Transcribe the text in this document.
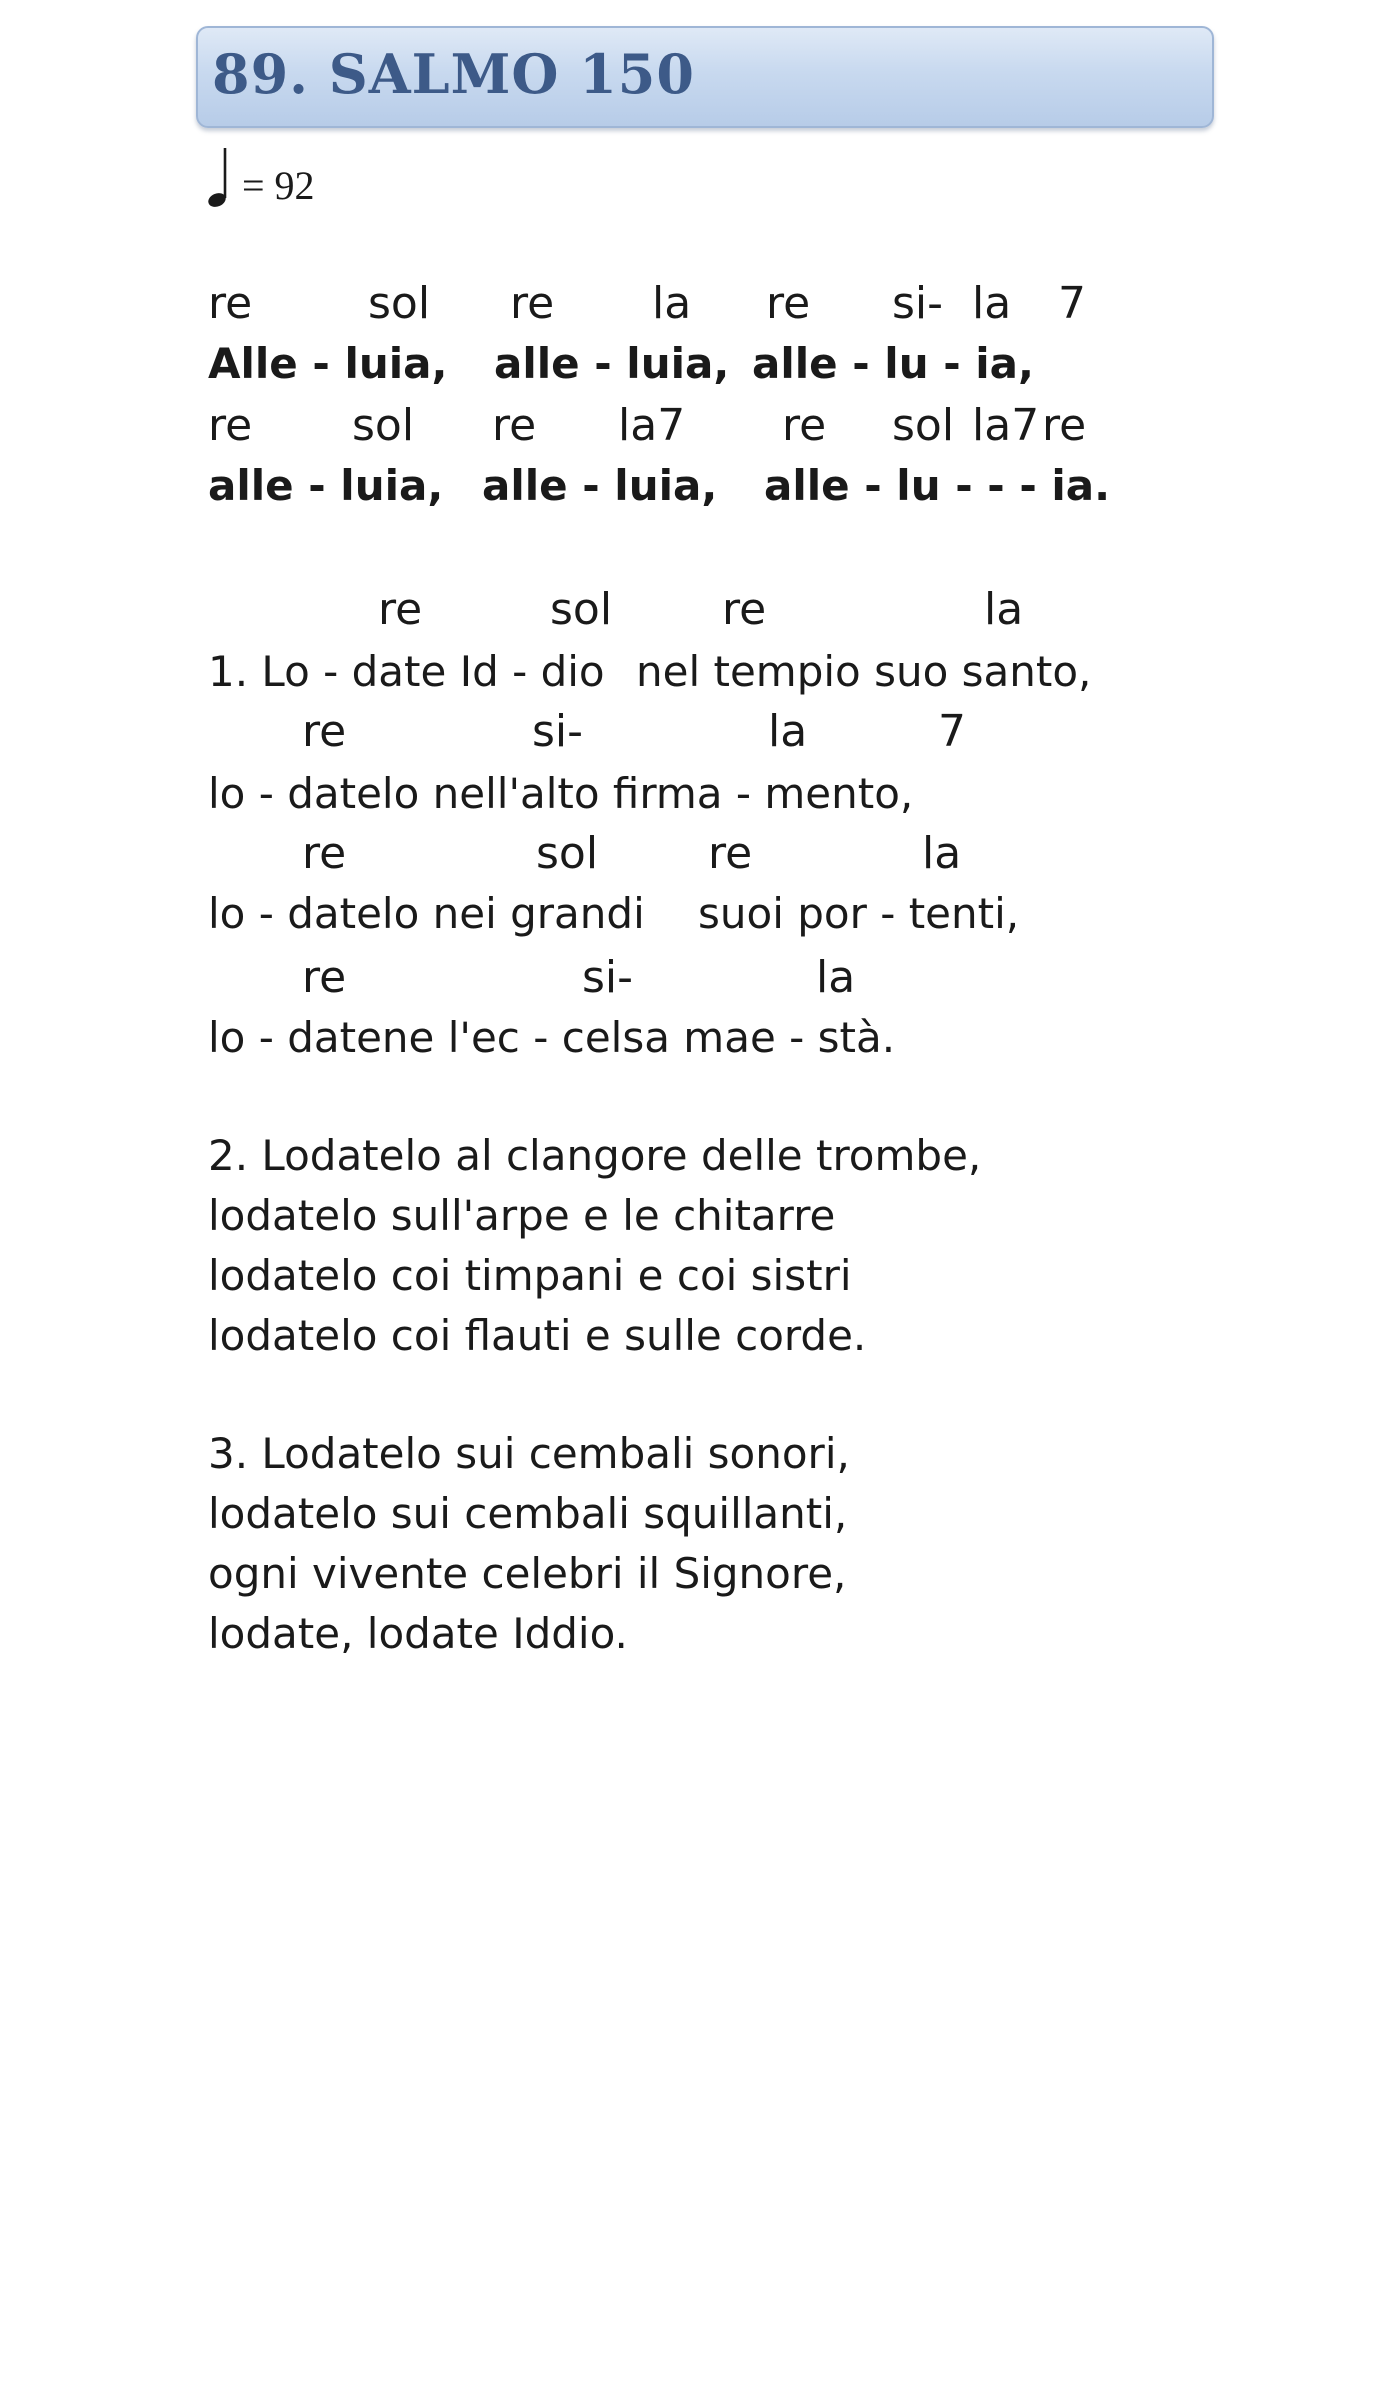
89. SALMO 150
= 92
re	sol re la re si- la 7
Alle - luia, alle - luia, alle - lu - ia,
re sol re la7 re sol la7 re
alle - luia, alle - luia, alle - lu - - - ia.
re	sol re	la
1. Lo - date Id - dio nel tempio suo santo,
re	si-	la	7
lo - datelo nell'alto firma - mento,
re	sol re	la
lo - datelo nei grandi suoi por - tenti,
re	si-	la
lo - datene l'ec - celsa mae - stà.
2. Lodatelo al clangore delle trombe,
lodatelo sull'arpe e le chitarre
lodatelo coi timpani e coi sistri
lodatelo coi flauti e sulle corde.
3. Lodatelo sui cembali sonori,
lodatelo sui cembali squillanti,
ogni vivente celebri il Signore,
lodate, lodate Iddio.
